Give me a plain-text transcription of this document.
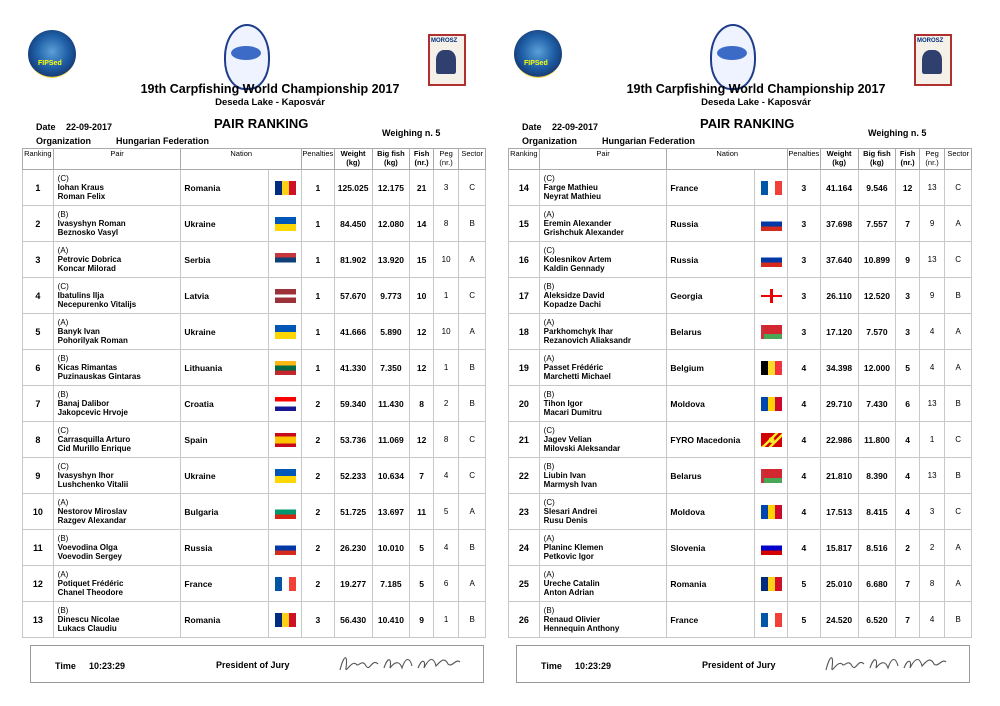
FIPSed
MOROSZ
19th Carpfishing World Championship 2017
Deseda Lake - Kaposvár
Date 22-09-2017
Organization	Hungarian Federation
PAIR RANKING
Weighing n. 5
Ranking	Pair	Nation		Penalties	Weight (kg)	Big fish (kg)	Fish (nr.)	Peg (nr.)	Sector
1	(C)
Iohan Kraus
Roman Felix	Romania		1	125.025	12.175	21	3	C
2	(B)
Ivasyshyn Roman
Beznosko Vasyl	Ukraine		1	84.450	12.080	14	8	B
3	(A)
Petrovic Dobrica
Koncar Milorad	Serbia		1	81.902	13.920	15	10	A
4	(C)
Ibatulins Ilja
Necepurenko Vitalijs	Latvia		1	57.670	9.773	10	1	C
5	(A)
Banyk Ivan
Pohorilyak Roman	Ukraine		1	41.666	5.890	12	10	A
6	(B)
Kicas Rimantas
Puzinauskas Gintaras	Lithuania		1	41.330	7.350	12	1	B
7	(B)
Banaj Dalibor
Jakopcevic Hrvoje	Croatia		2	59.340	11.430	8	2	B
8	(C)
Carrasquilla Arturo
Cid Murillo Enrique	Spain		2	53.736	11.069	12	8	C
9	(C)
Ivasyshyn Ihor
Lushchenko Vitalii	Ukraine		2	52.233	10.634	7	4	C
10	(A)
Nestorov Miroslav
Razgev Alexandar	Bulgaria		2	51.725	13.697	11	5	A
11	(B)
Voevodina Olga
Voevodin Sergey	Russia		2	26.230	10.010	5	4	B
12	(A)
Potiquet Frédéric
Chanel Theodore	France		2	19.277	7.185	5	6	A
13	(B)
Dinescu Nicolae
Lukacs Claudiu	Romania		3	56.430	10.410	9	1	B
Time 10:23:29	President of Jury
FIPSed
MOROSZ
19th Carpfishing World Championship 2017
Deseda Lake - Kaposvár
Date 22-09-2017
Organization	Hungarian Federation
PAIR RANKING
Weighing n. 5
Ranking	Pair	Nation		Penalties	Weight (kg)	Big fish (kg)	Fish (nr.)	Peg (nr.)	Sector
14	(C)
Farge Mathieu
Neyrat Mathieu	France		3	41.164	9.546	12	13	C
15	(A)
Eremin Alexander
Grishchuk Alexander	Russia		3	37.698	7.557	7	9	A
16	(C)
Kolesnikov Artem
Kaldin Gennady	Russia		3	37.640	10.899	9	13	C
17	(B)
Aleksidze David
Kopadze Dachi	Georgia		3	26.110	12.520	3	9	B
18	(A)
Parkhomchyk Ihar
Rezanovich Aliaksandr	Belarus		3	17.120	7.570	3	4	A
19	(A)
Passet Frédéric
Marchetti Michael	Belgium		4	34.398	12.000	5	4	A
20	(B)
Tihon Igor
Macari Dumitru	Moldova		4	29.710	7.430	6	13	B
21	(C)
Jagev Velian
Milovski Aleksandar	FYRO Macedonia		4	22.986	11.800	4	1	C
22	(B)
Liubin Ivan
Marmysh Ivan	Belarus		4	21.810	8.390	4	13	B
23	(C)
Slesari Andrei
Rusu Denis	Moldova		4	17.513	8.415	4	3	C
24	(A)
Planinc Klemen
Petkovic Igor	Slovenia		4	15.817	8.516	2	2	A
25	(A)
Ureche Catalin
Anton Adrian	Romania		5	25.010	6.680	7	8	A
26	(B)
Renaud Olivier
Hennequin Anthony	France		5	24.520	6.520	7	4	B
Time 10:23:29	President of Jury
